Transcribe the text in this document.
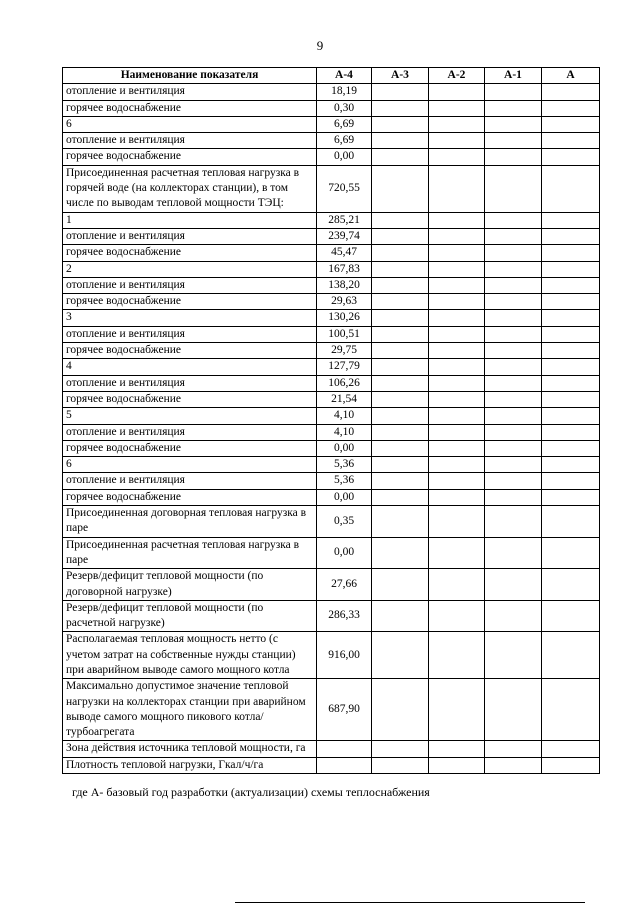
9
Наименование показателя	А-4	А-3	А-2	А-1	А
отопление и вентиляция	18,19				
горячее водоснабжение	0,30				
6	6,69				
отопление и вентиляция	6,69				
горячее водоснабжение	0,00				
Присоединенная расчетная тепловая нагрузка в горячей воде (на коллекторах станции), в том числе по выводам тепловой мощности ТЭЦ:	720,55				
1	285,21				
отопление и вентиляция	239,74				
горячее водоснабжение	45,47				
2	167,83				
отопление и вентиляция	138,20				
горячее водоснабжение	29,63				
3	130,26				
отопление и вентиляция	100,51				
горячее водоснабжение	29,75				
4	127,79				
отопление и вентиляция	106,26				
горячее водоснабжение	21,54				
5	4,10				
отопление и вентиляция	4,10				
горячее водоснабжение	0,00				
6	5,36				
отопление и вентиляция	5,36				
горячее водоснабжение	0,00				
Присоединенная договорная тепловая нагрузка в паре	0,35				
Присоединенная расчетная тепловая нагрузка в паре	0,00				
Резерв/дефицит тепловой мощности (по договорной нагрузке)	27,66				
Резерв/дефицит тепловой мощности (по расчетной нагрузке)	286,33				
Располагаемая тепловая мощность нетто (с учетом затрат на собственные нужды станции) при аварийном выводе самого мощного котла	916,00				
Максимально допустимое значение тепловой нагрузки на коллекторах станции при аварийном выводе самого мощного пикового котла/турбоагрегата	687,90				
Зона действия источника тепловой мощности, га					
Плотность тепловой нагрузки, Гкал/ч/га					
где А- базовый год разработки (актуализации) схемы теплоснабжения
